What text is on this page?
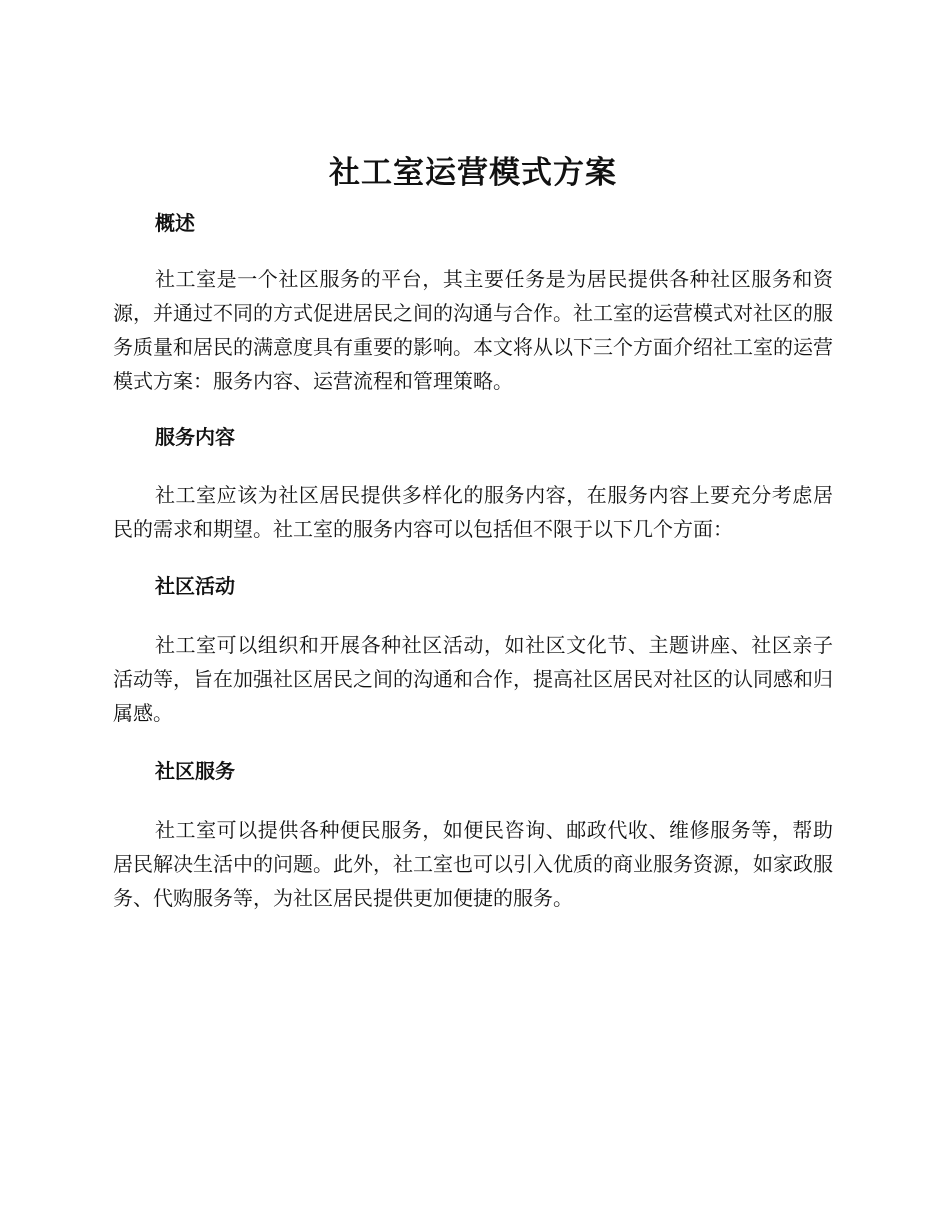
社工室运营模式方案
概述

社工室是一个社区服务的平台，其主要任务是为居民提供各种社区服务和资源，并通过不同的方式促进居民之间的沟通与合作。社工室的运营模式对社区的服务质量和居民的满意度具有重要的影响。本文将从以下三个方面介绍社工室的运营模式方案：服务内容、运营流程和管理策略。

服务内容

社工室应该为社区居民提供多样化的服务内容，在服务内容上要充分考虑居民的需求和期望。社工室的服务内容可以包括但不限于以下几个方面：

社区活动

社工室可以组织和开展各种社区活动，如社区文化节、主题讲座、社区亲子活动等，旨在加强社区居民之间的沟通和合作，提高社区居民对社区的认同感和归属感。

社区服务

社工室可以提供各种便民服务，如便民咨询、邮政代收、维修服务等，帮助居民解决生活中的问题。此外，社工室也可以引入优质的商业服务资源，如家政服务、代购服务等，为社区居民提供更加便捷的服务。
